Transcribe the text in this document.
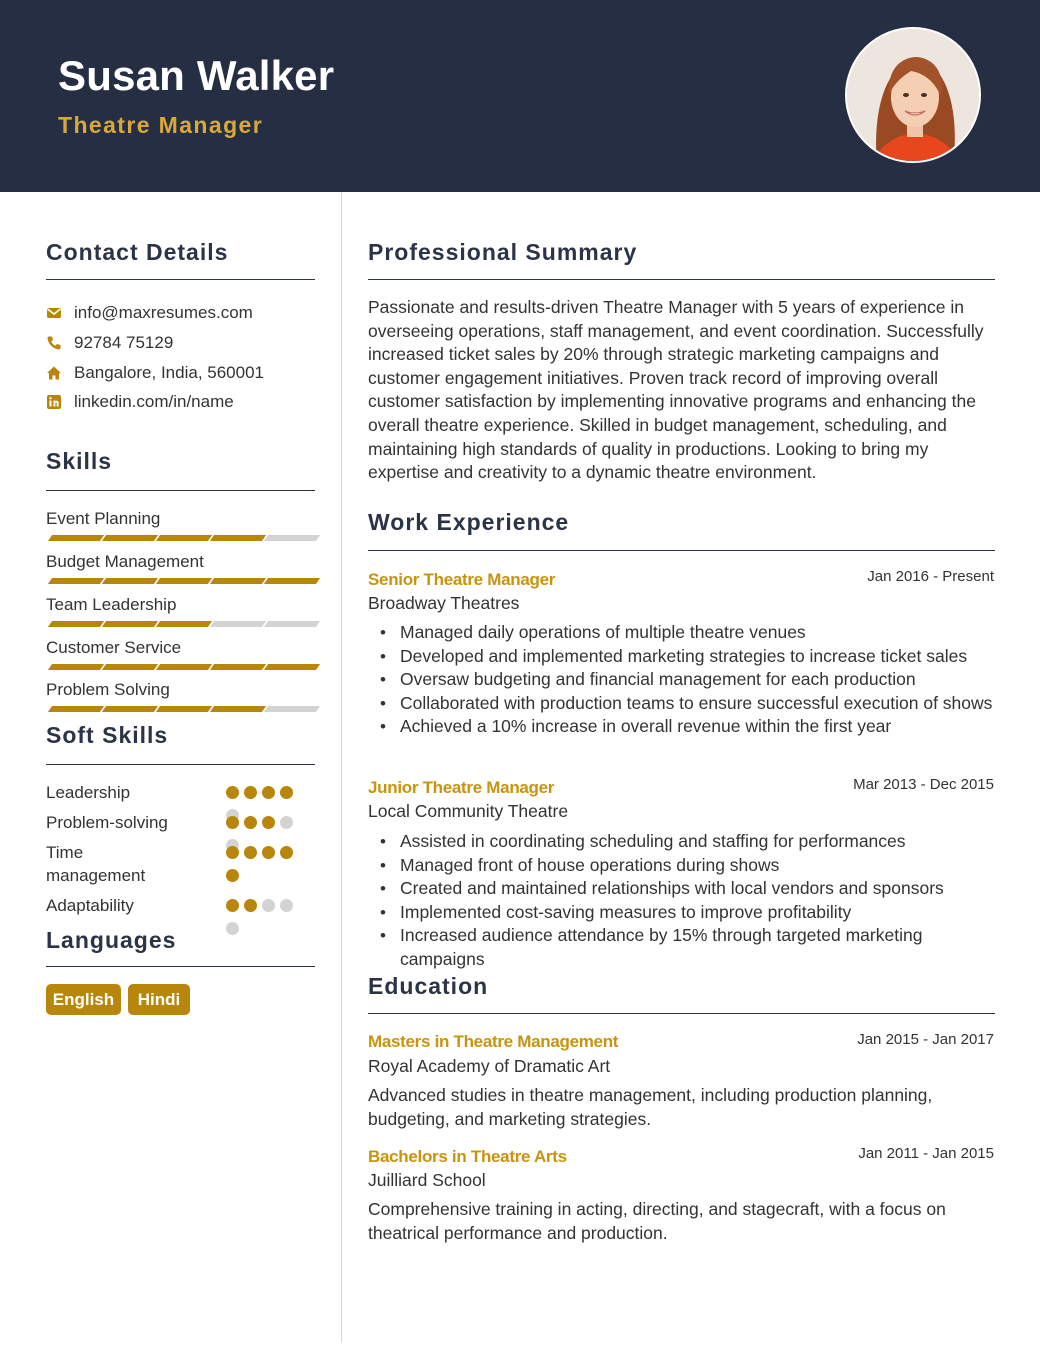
Susan Walker
Theatre Manager
Contact Details
info@maxresumes.com
92784 75129
Bangalore, India, 560001
linkedin.com/in/name
Skills
Event Planning
Budget Management
Team Leadership
Customer Service
Problem Solving
Soft Skills
Leadership
Problem-solving
Time management
Adaptability
Languages
English	Hindi
Professional Summary
Passionate and results-driven Theatre Manager with 5 years of experience in overseeing operations, staff management, and event coordination. Successfully increased ticket sales by 20% through strategic marketing campaigns and customer engagement initiatives. Proven track record of improving overall customer satisfaction by implementing innovative programs and enhancing the overall theatre experience. Skilled in budget management, scheduling, and maintaining high standards of quality in productions. Looking to bring my expertise and creativity to a dynamic theatre environment.
Work Experience
Senior Theatre Manager	Jan 2016 - Present
Broadway Theatres
• Managed daily operations of multiple theatre venues
• Developed and implemented marketing strategies to increase ticket sales
• Oversaw budgeting and financial management for each production
• Collaborated with production teams to ensure successful execution of shows
• Achieved a 10% increase in overall revenue within the first year
Junior Theatre Manager	Mar 2013 - Dec 2015
Local Community Theatre
• Assisted in coordinating scheduling and staffing for performances
• Managed front of house operations during shows
• Created and maintained relationships with local vendors and sponsors
• Implemented cost-saving measures to improve profitability
• Increased audience attendance by 15% through targeted marketing campaigns
Education
Masters in Theatre Management	Jan 2015 - Jan 2017
Royal Academy of Dramatic Art
Advanced studies in theatre management, including production planning, budgeting, and marketing strategies.
Bachelors in Theatre Arts	Jan 2011 - Jan 2015
Juilliard School
Comprehensive training in acting, directing, and stagecraft, with a focus on theatrical performance and production.
